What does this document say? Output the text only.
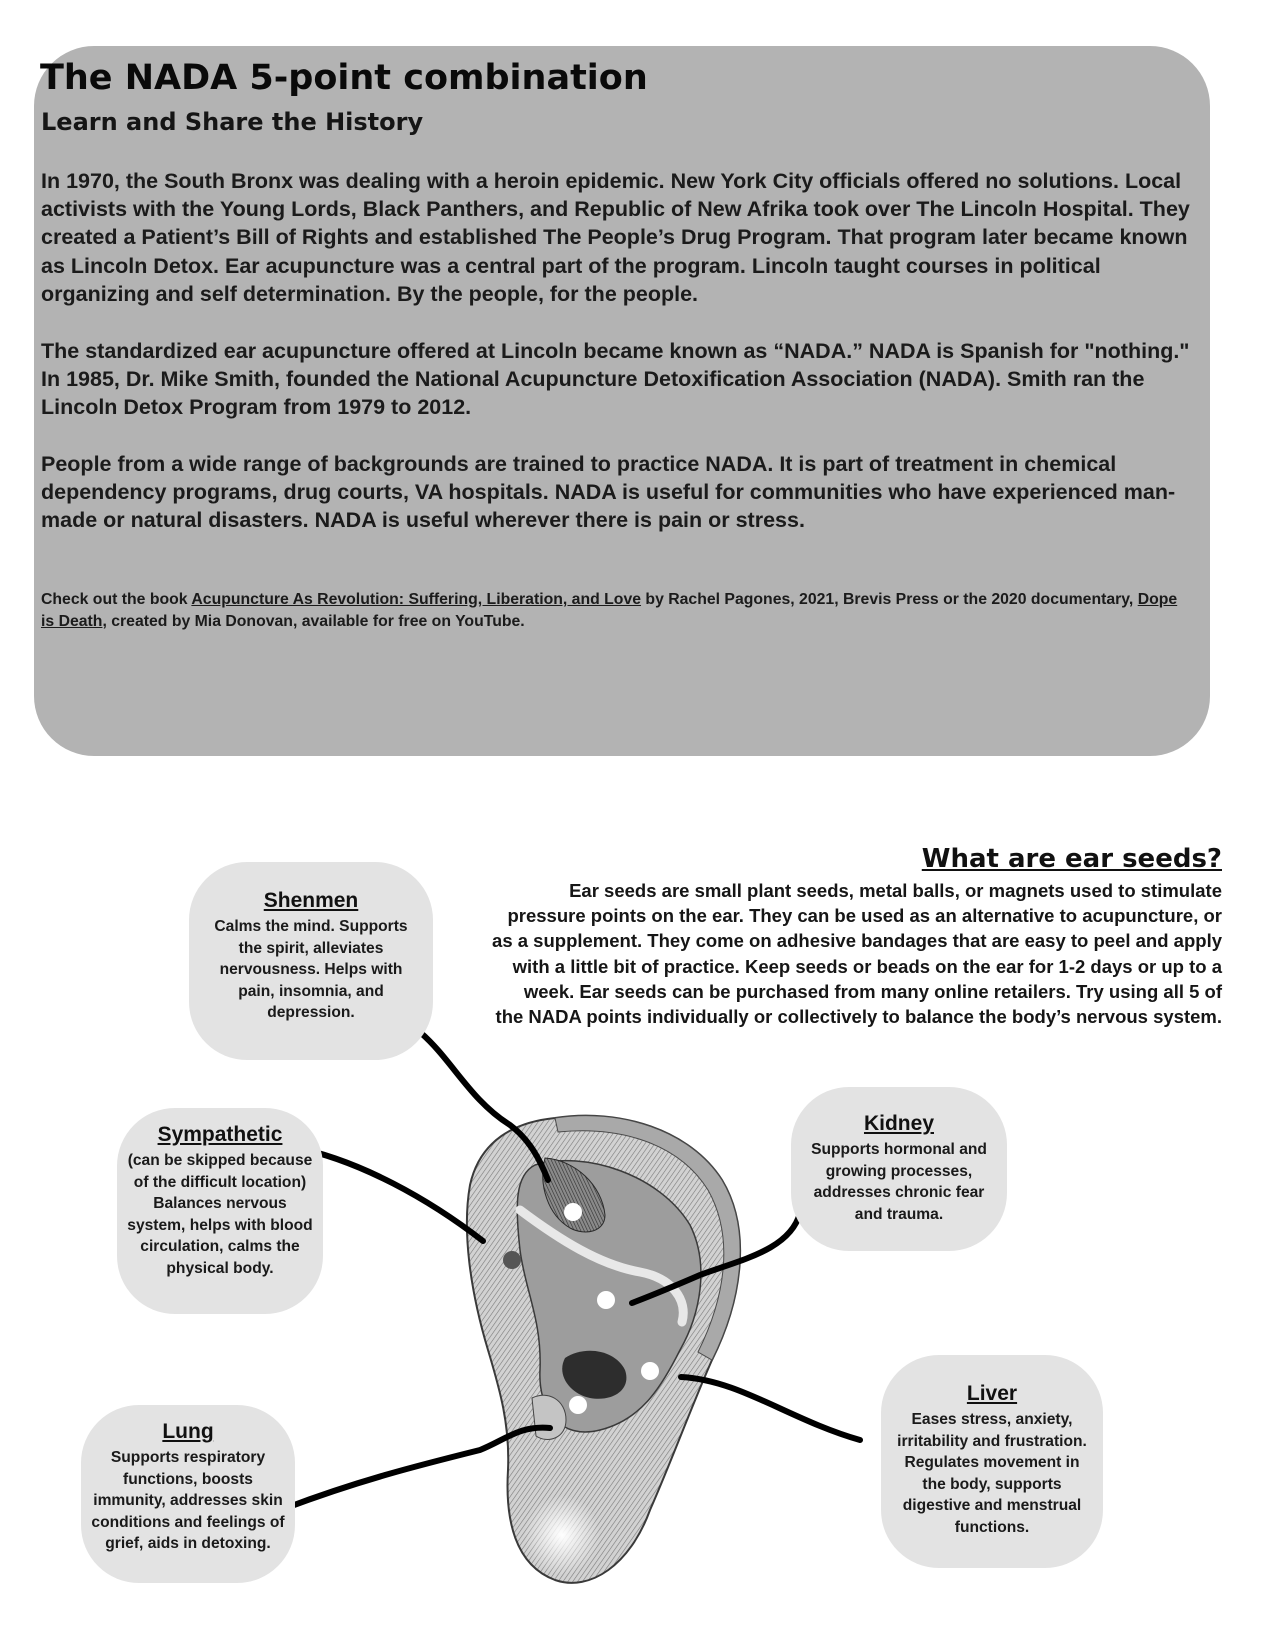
The NADA 5-point combination
Learn and Share the History

In 1970, the South Bronx was dealing with a heroin epidemic. New York City officials offered no solutions. Local activists with the Young Lords, Black Panthers, and Republic of New Afrika took over The Lincoln Hospital. They created a Patient’s Bill of Rights and established The People’s Drug Program. That program later became known as Lincoln Detox. Ear acupuncture was a central part of the program. Lincoln taught courses in political organizing and self determination. By the people, for the people.

The standardized ear acupuncture offered at Lincoln became known as “NADA.” NADA is Spanish for "nothing." In 1985, Dr. Mike Smith, founded the National Acupuncture Detoxification Association (NADA). Smith ran the Lincoln Detox Program from 1979 to 2012.

People from a wide range of backgrounds are trained to practice NADA. It is part of treatment in chemical dependency programs, drug courts, VA hospitals. NADA is useful for communities who have experienced man-made or natural disasters. NADA is useful wherever there is pain or stress.

Check out the book Acupuncture As Revolution: Suffering, Liberation, and Love by Rachel Pagones, 2021, Brevis Press or the 2020 documentary, Dope is Death, created by Mia Donovan, available for free on YouTube.

What are ear seeds?

Ear seeds are small plant seeds, metal balls, or magnets used to stimulate pressure points on the ear. They can be used as an alternative to acupuncture, or as a supplement. They come on adhesive bandages that are easy to peel and apply with a little bit of practice. Keep seeds or beads on the ear for 1-2 days or up to a week. Ear seeds can be purchased from many online retailers. Try using all 5 of the NADA points individually or collectively to balance the body’s nervous system.

Shenmen
Calms the mind. Supports the spirit, alleviates nervousness. Helps with pain, insomnia, and depression.
Sympathetic
(can be skipped because of the difficult location) Balances nervous system, helps with blood circulation, calms the physical body.
Kidney
Supports hormonal and growing processes, addresses chronic fear and trauma.
Lung
Supports respiratory functions, boosts immunity, addresses skin conditions and feelings of grief, aids in detoxing.
Liver
Eases stress, anxiety, irritability and frustration. Regulates movement in the body, supports digestive and menstrual functions.
